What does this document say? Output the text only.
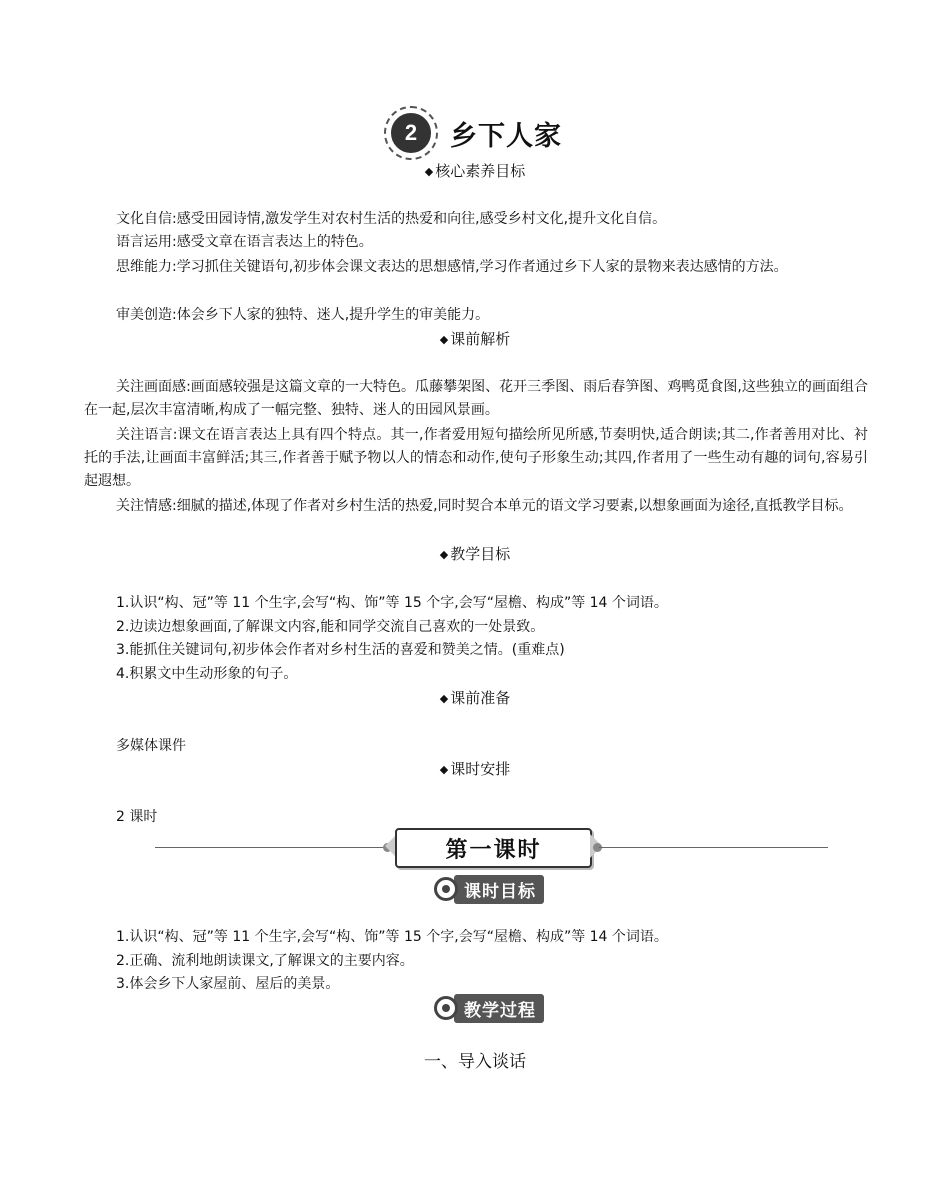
2	乡下人家
◆ 核心素养目标
文化自信:感受田园诗情,激发学生对农村生活的热爱和向往,感受乡村文化,提升文化自信。
语言运用:感受文章在语言表达上的特色。
思维能力:学习抓住关键语句,初步体会课文表达的思想感情,学习作者通过乡下人家的景物来表达感情的方法。
审美创造:体会乡下人家的独特、迷人,提升学生的审美能力。
◆ 课前解析
关注画面感:画面感较强是这篇文章的一大特色。瓜藤攀架图、花开三季图、雨后春笋图、鸡鸭觅食图,这些独立的画面组合在一起,层次丰富清晰,构成了一幅完整、独特、迷人的田园风景画。
关注语言:课文在语言表达上具有四个特点。其一,作者爱用短句描绘所见所感,节奏明快,适合朗读;其二,作者善用对比、衬托的手法,让画面丰富鲜活;其三,作者善于赋予物以人的情态和动作,使句子形象生动;其四,作者用了一些生动有趣的词句,容易引起遐想。
关注情感:细腻的描述,体现了作者对乡村生活的热爱,同时契合本单元的语文学习要素,以想象画面为途径,直抵教学目标。
◆ 教学目标
1.认识“构、冠”等 11 个生字,会写“构、饰”等 15 个字,会写“屋檐、构成”等 14 个词语。
2.边读边想象画面,了解课文内容,能和同学交流自己喜欢的一处景致。
3.能抓住关键词句,初步体会作者对乡村生活的喜爱和赞美之情。(重难点)
4.积累文中生动形象的句子。
◆ 课前准备
多媒体课件
◆ 课时安排
2 课时
第一课时
课时目标
1.认识“构、冠”等 11 个生字,会写“构、饰”等 15 个字,会写“屋檐、构成”等 14 个词语。
2.正确、流利地朗读课文,了解课文的主要内容。
3.体会乡下人家屋前、屋后的美景。
教学过程
一、导入谈话
